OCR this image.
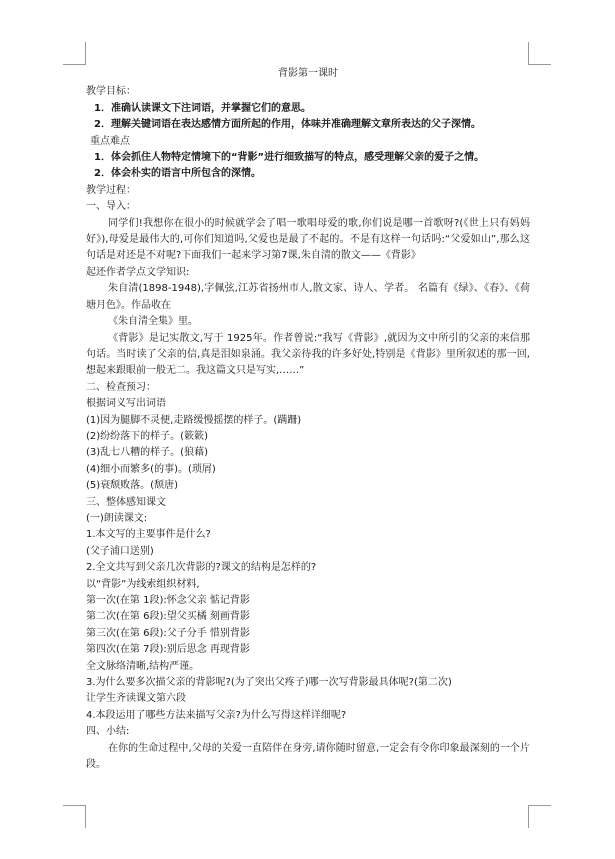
背影第一课时

教学目标：

1．准确认读课文下注词语，并掌握它们的意思。

2．理解关键词语在表达感情方面所起的作用，体味并准确理解文章所表达的父子深情。

重点难点

1．体会抓住人物特定情境下的“背影”进行细致描写的特点，感受理解父亲的爱子之情。

2．体会朴实的语言中所包含的深情。

教学过程：

一、导入：

同学们!我想你在很小的时候就学会了唱一歌唱母爱的歌,你们说是哪一首歌呀?(《世上只有妈妈好》),母爱是最伟大的,可你们知道吗,父爱也是最了不起的。不是有这样一句话吗:“父爱如山”,那么这句话是对还是不对呢?下面我们一起来学习第7课,朱自清的散文——《背影》

起还作者学点文学知识:

朱自清(1898-1948),字佩弦,江苏省扬州市人,散文家、诗人、学者。 名篇有《绿》、《春》、《荷塘月色》。作品收在

《朱自清全集》里。

《背影》是记实散文,写于 1925年。作者曾说:“我写《背影》,就因为文中所引的父亲的来信那句话。当时读了父亲的信,真是泪如泉涌。我父亲待我的许多好处,特别是《背影》里所叙述的那一回,想起来跟眼前一般无二。我这篇文只是写实,……”

二、检查预习：

根据词义写出词语

(1)因为腿脚不灵便,走路缓慢摇摆的样子。(蹒跚)

(2)纷纷落下的样子。(簌簌)

(3)乱七八糟的样子。(狼藉)

(4)细小而繁多(的事)。(琐屑)

(5)衰颓败落。(颓唐)

三、整体感知课文

(一)朗读课文:

1.本文写的主要事件是什么?

(父子浦口送别)

2.全文共写到父亲几次背影的?课文的结构是怎样的?

以“背影”为线索组织材料,

第一次(在第 1段):怀念父亲 惦记背影

第二次(在第 6段):望父买橘 刻画背影

第三次(在第 6段):父子分手 惜别背影

第四次(在第 7段):别后思念 再现背影

全文脉络清晰,结构严谨。

3.为什么要多次描父亲的背影呢?(为了突出父疼子)哪一次写背影最具体呢?(第二次)

让学生齐读课文第六段

4.本段运用了哪些方法来描写父亲?为什么写得这样详细呢?

四、小结:

在你的生命过程中,父母的关爱一直陪伴在身旁,请你随时留意,一定会有令你印象最深刻的一个片段。
